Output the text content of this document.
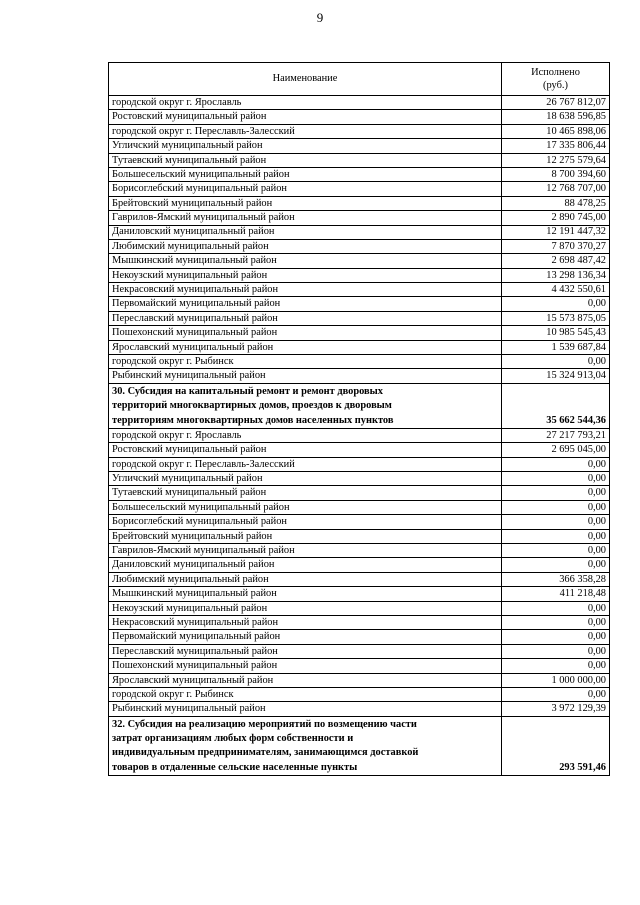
9
Наименование	Исполнено
(руб.)

городской округ г. Ярославль	26 767 812,07
Ростовский муниципальный район	18 638 596,85
городской округ г. Переславль-Залесский	10 465 898,06
Угличский муниципальный район	17 335 806,44
Тутаевский муниципальный район	12 275 579,64
Большесельский муниципальный район	8 700 394,60
Борисоглебский муниципальный район	12 768 707,00
Брейтовский муниципальный район	88 478,25
Гаврилов-Ямский муниципальный район	2 890 745,00
Даниловский муниципальный район	12 191 447,32
Любимский муниципальный район	7 870 370,27
Мышкинский муниципальный район	2 698 487,42
Некоузский муниципальный район	13 298 136,34
Некрасовский муниципальный район	4 432 550,61
Первомайский муниципальный район	0,00
Переславский муниципальный район	15 573 875,05
Пошехонский муниципальный район	10 985 545,43
Ярославский муниципальный район	1 539 687,84
городской округ г. Рыбинск	0,00
Рыбинский муниципальный район	15 324 913,04

30. Субсидия на капитальный ремонт и ремонт дворовых
территорий многоквартирных домов, проездов к дворовым
территориям многоквартирных домов населенных пунктов	35 662 544,36
городской округ г. Ярославль	27 217 793,21
Ростовский муниципальный район	2 695 045,00
городской округ г. Переславль-Залесский	0,00
Угличский муниципальный район	0,00
Тутаевский муниципальный район	0,00
Большесельский муниципальный район	0,00
Борисоглебский муниципальный район	0,00
Брейтовский муниципальный район	0,00
Гаврилов-Ямский муниципальный район	0,00
Даниловский муниципальный район	0,00
Любимский муниципальный район	366 358,28
Мышкинский муниципальный район	411 218,48
Некоузский муниципальный район	0,00
Некрасовский муниципальный район	0,00
Первомайский муниципальный район	0,00
Переславский муниципальный район	0,00
Пошехонский муниципальный район	0,00
Ярославский муниципальный район	1 000 000,00
городской округ г. Рыбинск	0,00
Рыбинский муниципальный район	3 972 129,39

32. Субсидия на реализацию мероприятий по возмещению части
затрат организациям любых форм собственности и
индивидуальным предпринимателям, занимающимся доставкой
товаров в отдаленные сельские населенные пункты	293 591,46
